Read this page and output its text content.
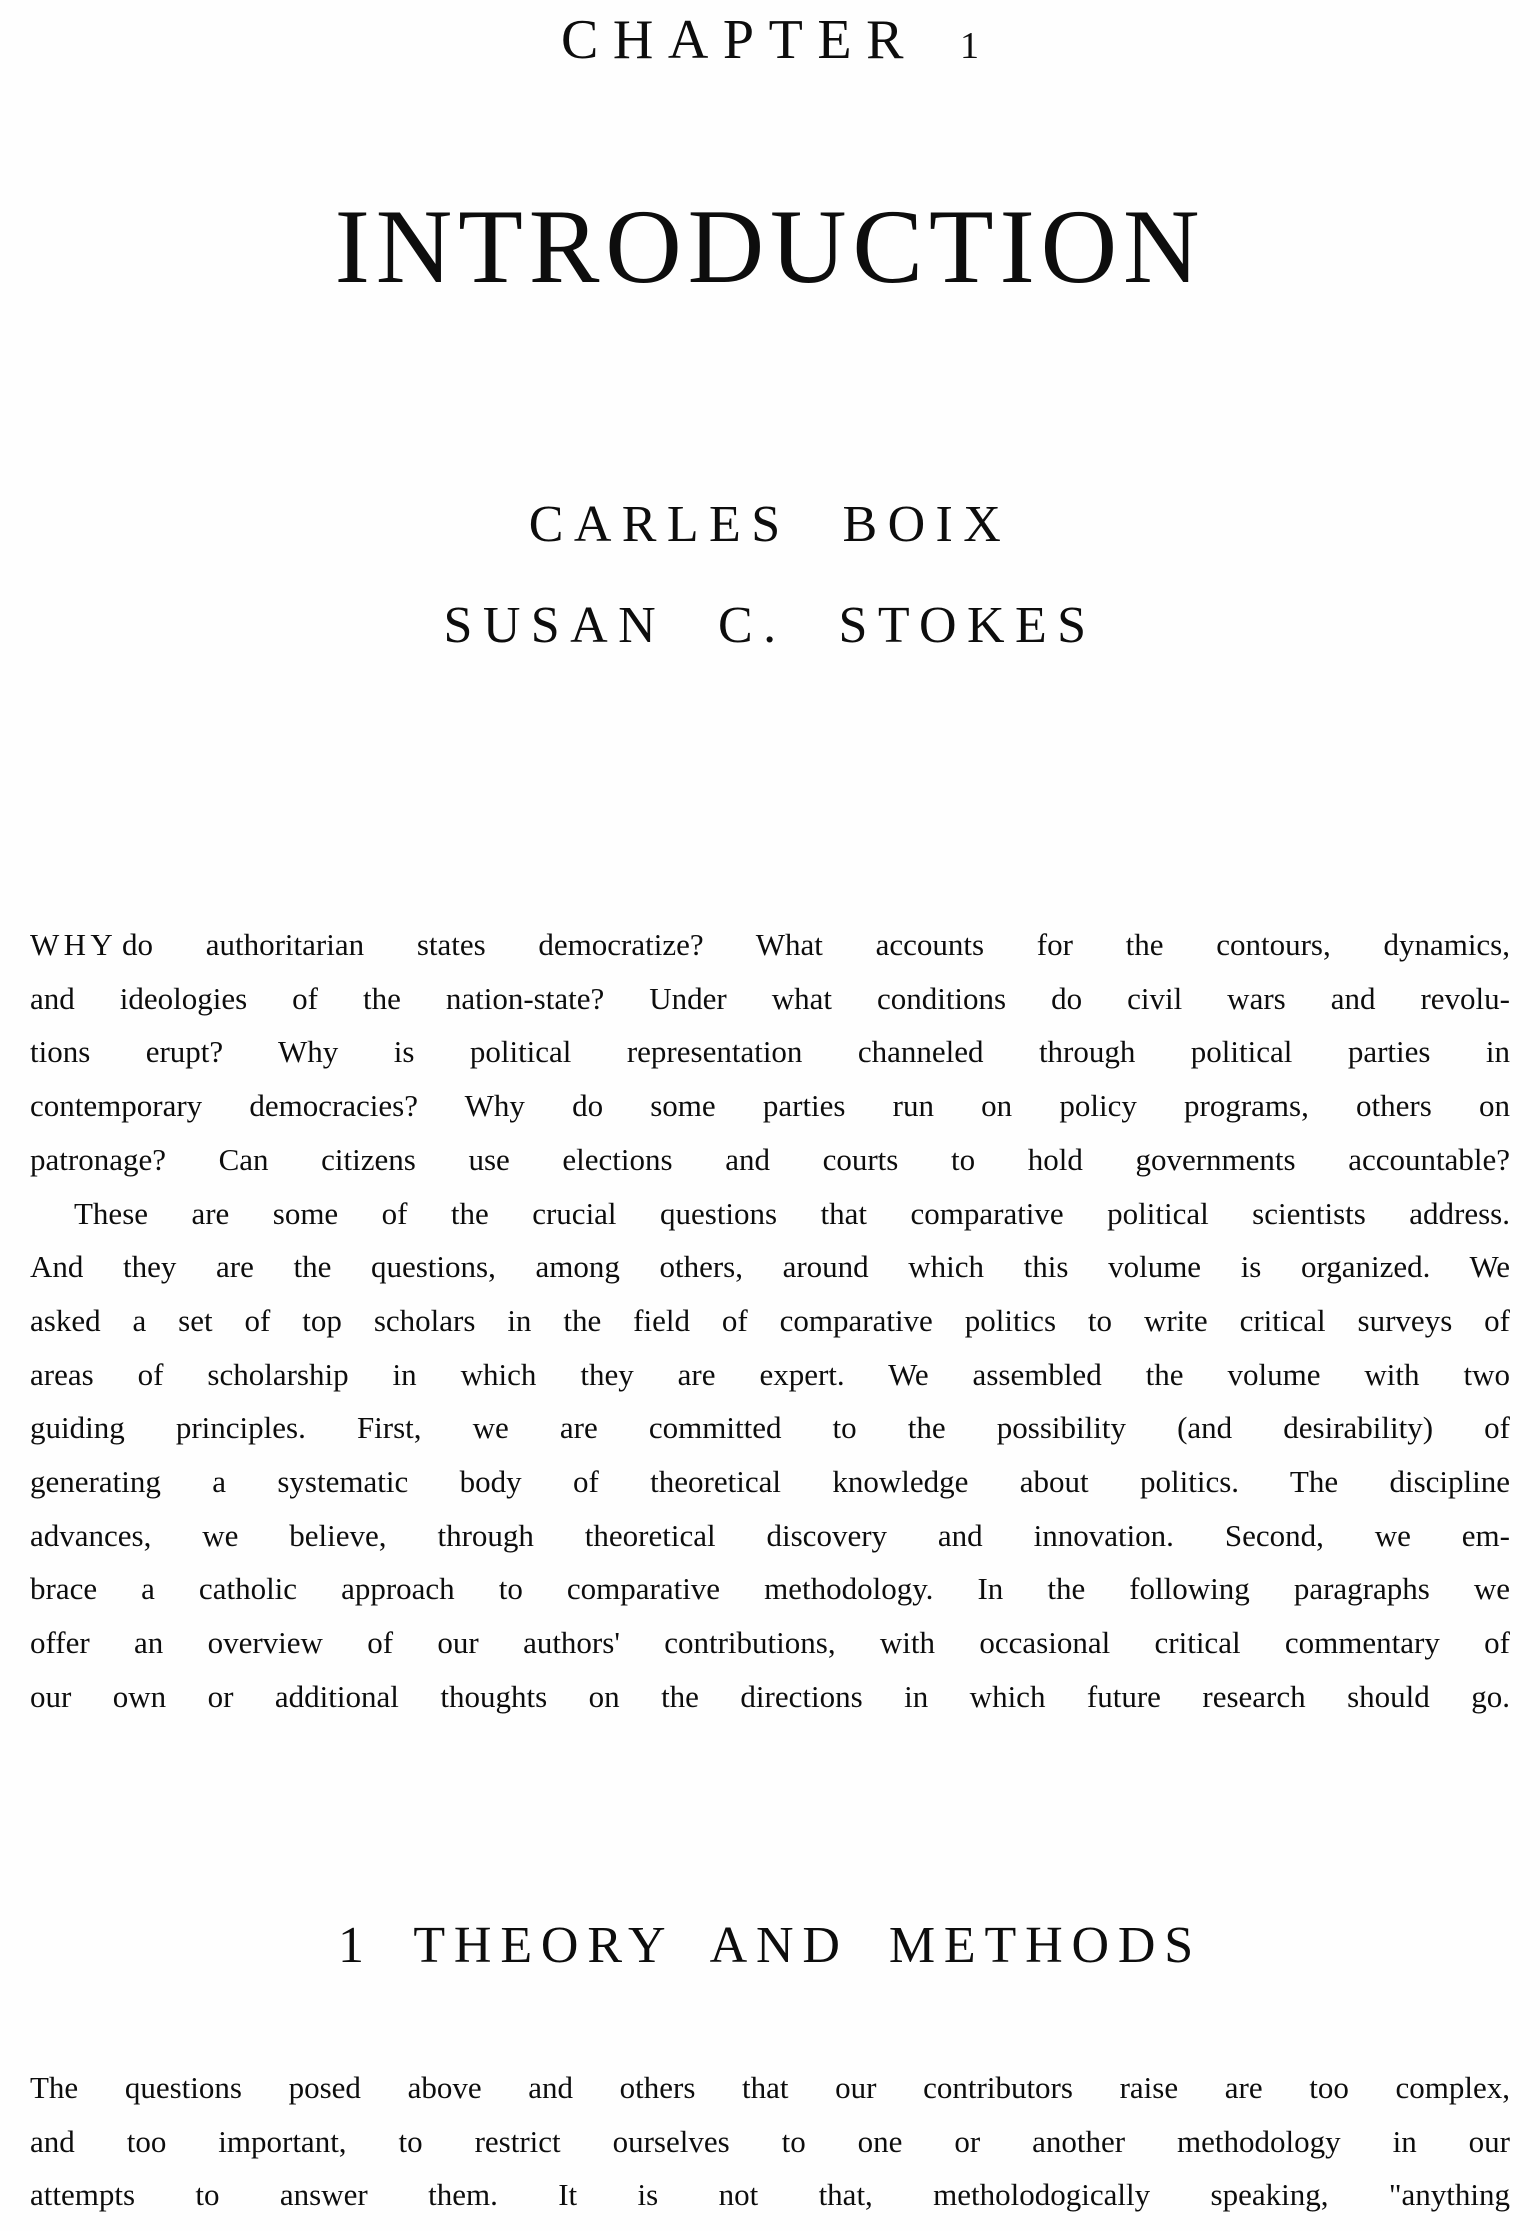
CHAPTER 1
INTRODUCTION
CARLES BOIX
SUSAN C. STOKES
WHY do authoritarian states democratize? What accounts for the contours, dynamics,
and ideologies of the nation-state? Under what conditions do civil wars and revolu-
tions erupt? Why is political representation channeled through political parties in
contemporary democracies? Why do some parties run on policy programs, others on
patronage? Can citizens use elections and courts to hold governments accountable?
These are some of the crucial questions that comparative political scientists address.
And they are the questions, among others, around which this volume is organized. We
asked a set of top scholars in the field of comparative politics to write critical surveys of
areas of scholarship in which they are expert. We assembled the volume with two
guiding principles. First, we are committed to the possibility (and desirability) of
generating a systematic body of theoretical knowledge about politics. The discipline
advances, we believe, through theoretical discovery and innovation. Second, we em-
brace a catholic approach to comparative methodology. In the following paragraphs we
offer an overview of our authors' contributions, with occasional critical commentary of
our own or additional thoughts on the directions in which future research should go.
1 THEORY AND METHODS
The questions posed above and others that our contributors raise are too complex,
and too important, to restrict ourselves to one or another methodology in our
attempts to answer them. It is not that, metholodogically speaking, "anything
